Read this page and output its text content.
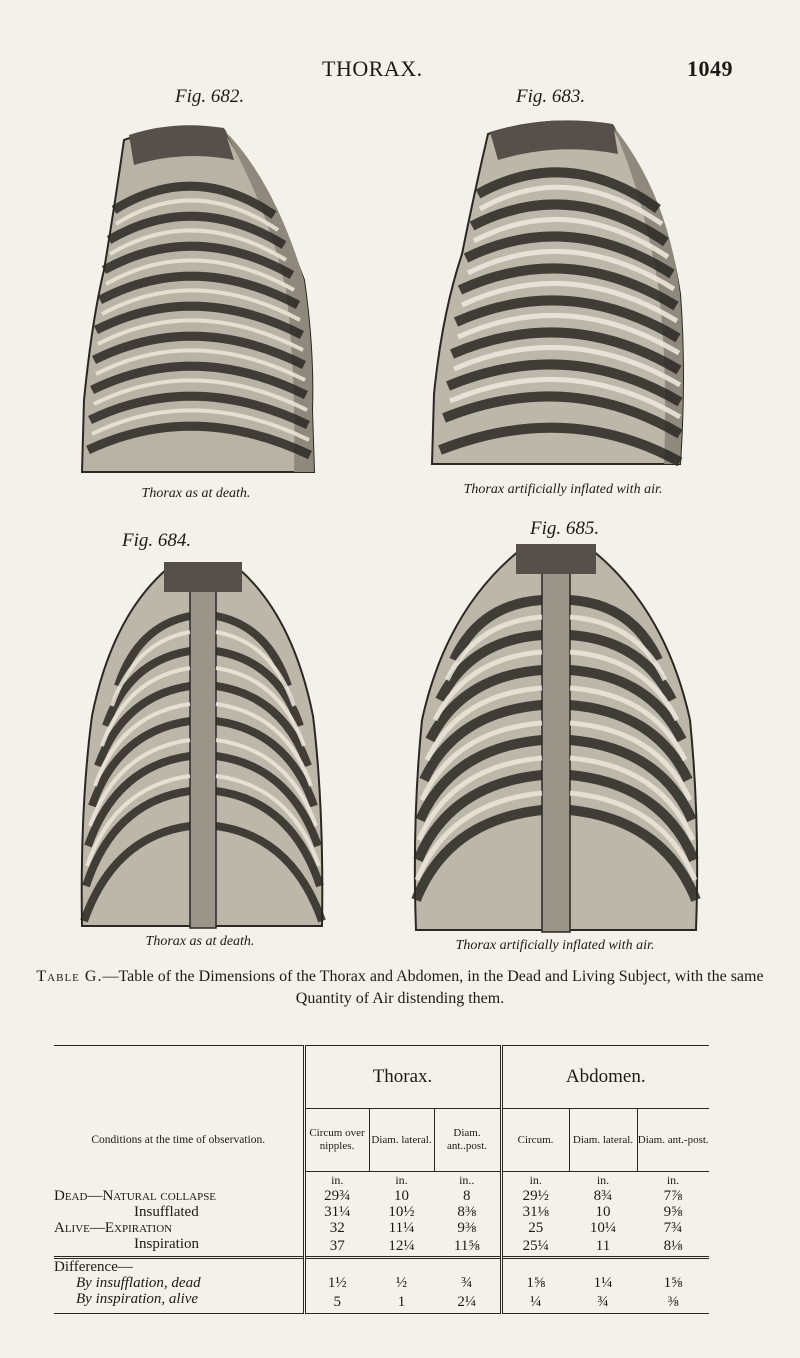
THORAX.	1049
Fig. 682.	Fig. 683.
Fig. 684.
Fig. 685.
Thorax as at death.	Thorax artificially inflated with air.
Thorax as at death.	Thorax artificially inflated with air.
Table G.—Table of the Dimensions of the Thorax and Abdomen, in the Dead and Living Subject, with the same Quantity of Air distending them.
Conditions at the time of observation.	Thorax.			Abdomen.		
	Circum over nipples.	Diam. lateral.	Diam. ant..post.	Circum.	Diam. lateral.	Diam. ant.-post.
	in.	in.	in..	in.	in.	in.
Dead—Natural collapse	29¾	10	8	29½	8¾	7⅞
Insufflated	31¼	10½	8⅜	31⅛	10	9⅝
Alive—Expiration	32	11¼	9⅜	25	10¼	7¾
Inspiration	37	12¼	11⅝	25¼	11	8⅛
Difference—						
By insufflation, dead	1½	½	¾	1⅝	1¼	1⅝
By inspiration, alive	5	1	2¼	¼	¾	⅜
